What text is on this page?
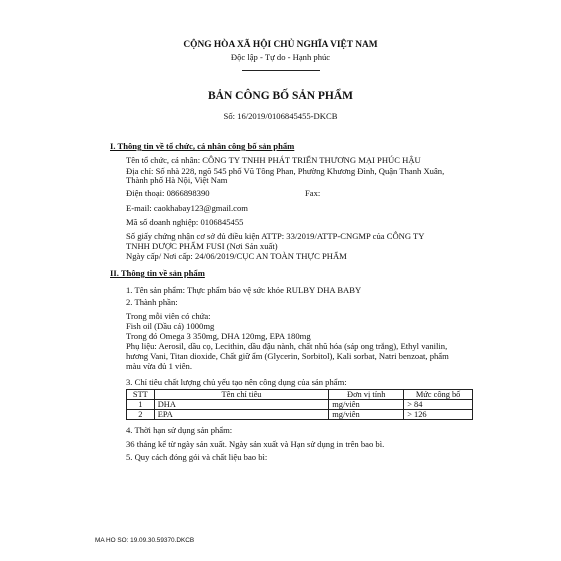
CỘNG HÒA XÃ HỘI CHỦ NGHĨA VIỆT NAM
Độc lập - Tự do - Hạnh phúc
BẢN CÔNG BỐ SẢN PHẨM
Số: 16/2019/0106845455-DKCB
I. Thông tin về tổ chức, cá nhân công bố sản phẩm
Tên tổ chức, cá nhân: CÔNG TY TNHH PHÁT TRIỂN THƯƠNG MẠI PHÚC HẬU
Địa chỉ: Số nhà 228, ngõ 545 phố Vũ Tông Phan, Phường Khương Đình, Quận Thanh Xuân,
Thành phố Hà Nội, Việt Nam
Điện thoại: 0866898390	Fax:
E-mail: caokhabay123@gmail.com
Mã số doanh nghiệp: 0106845455
Số giấy chứng nhận cơ sở đủ điều kiện ATTP: 33/2019/ATTP-CNGMP của CÔNG TY
TNHH DƯỢC PHẨM FUSI (Nơi Sản xuất)
Ngày cấp/ Nơi cấp: 24/06/2019/CỤC AN TOÀN THỰC PHẨM
II. Thông tin về sản phẩm
1. Tên sản phẩm: Thực phẩm bảo vệ sức khỏe RULBY DHA BABY
2. Thành phần:
Trong mỗi viên có chứa:
Fish oil (Dầu cá) 1000mg
Trong đó Omega 3 350mg, DHA 120mg, EPA 180mg
Phụ liệu: Aerosil, dầu cọ, Lecithin, dầu đậu nành, chất nhũ hóa (sáp ong trắng), Ethyl vanilin,
hương Vani, Titan dioxide, Chất giữ ẩm (Glycerin, Sorbitol), Kali sorbat, Natri benzoat, phẩm
màu vừa đủ 1 viên.
3. Chỉ tiêu chất lượng chủ yếu tạo nên công dụng của sản phẩm:
STT	Tên chỉ tiêu	Đơn vị tính	Mức công bố
1	DHA	mg/viên	> 84
2	EPA	mg/viên	> 126
4. Thời hạn sử dụng sản phẩm:
36 tháng kể từ ngày sản xuất. Ngày sản xuất và Hạn sử dụng in trên bao bì.
5. Quy cách đóng gói và chất liệu bao bì:
MA HO SO: 19.09.30.59370.DKCB
